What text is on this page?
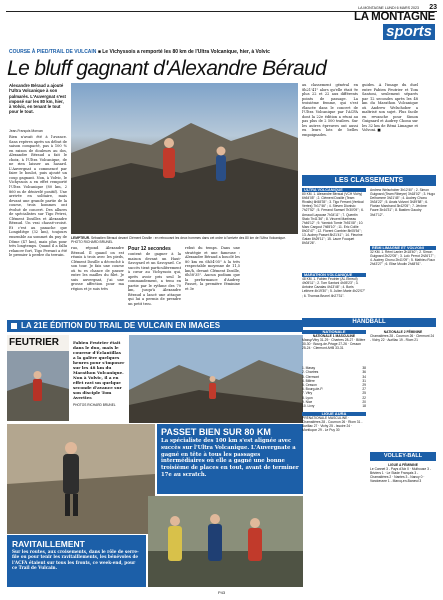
LA MONTAGNE LUNDI 6 MARS 2023 23
LA MONTAGNE
sports
COURSE À PIED/TRAIL DE VULCAIN ■ Le Vichyssois a remporté les 80 km de l'Ultra Volcanique, hier, à Volvic
Le bluff gagnant d'Alexandre Béraud
Alexandre Béraud a ajouté l'Ultra Volcanique à son palmarès. L'Auvergnat s'est imposé sur les 80 km, hier, à Volvic, en tenant le tout pour le tout.
Jean-François Morvan
Rien n'avait été à l'avance. Sans repères après un début de saison compacté, pas à 100 % en raison de douleurs au dos, Alexandre Béraud a fait le choix, à l'Ultra Volcanique, de ne rien laisser au hasard. L'Auvergnat a commencé par faire le boulot, puis ajouté un coup gagnant. Non, à Volvic, le Vichyssois a en effet remporté l'Ultra Volcanique (80 km, 2 860 m de dénivelé positif). Une arrivée en solitaire, mais devant une grande partie de la course, trois hommes ont évolué de concert. Des allures de spécialistes sur Tigo Petrei, Clément Dosilles et Alexandre Béraud. Un vrai chassé-croisé. Et c'est au panache que Longidiège (32 km), toujours ensemble au sommet du puy de Dôme (47 km), mais plus pour très longtemps. Quand il a fallu relancer fort, Tigo Ferrant a été le premier à perdre du terrain.
ruo, répond Alexandre Béraud. Il quand on est réunis à trois avec les pieds, Clément Dosille a décroché à son tour. Je fais une course où tu es chance de passer entre les mailles du filet. Je suis auvergnat, j'ai une grosse affection pour ma région et je suis très
Pour 12 secondes
content de gagner à la maison devant un Haut-Savoyard et un Savoyard. Ce succès tient particulièrement à cœur au Vichyssois qui, après avoir pris seul le commandement, a tenu en partie par le rythme des 70 km, jusqu'à Alexandre Béraud a lancé une attaque qui lui a permis de prendre un petit trou.
rebut du temps. Dans une stratégie et une fameuse : Alexandre Béraud a bouclé les 80 km en 6h54'05" à la très respectable moyenne de 11,5 km/h, devant Clément Dosille, 6h58'35". Aucun podium que la performance d'Audrey Passet, la première féminine et 3e
au classement général en 8h21'41" alors qu'elle était 9e plus 22 et 22 aux différents points de passage. La troisième femme, qui s'est élancée dans le concert de l'Ultra Volcanique par l'ACFA dont la 22e édition a réuni au pas plus de 2 500 trailers. Sur les autres épreuves ont aussi eu leurs lots de belles empoignades.
guides. À l'image du duel entre Fabien Feutrier et Tom Santoni, seulement séparés par 12 secondes après les 48 km du Marathon Volcanique où Andrew Welschober a maîtrisé son sujet. Plus facile en revanche pour Simon Guignard et Audrey Chonu sur les 32 km de Rémi Limagne et Volvoni. ■
LEMPTEUR. Sébastien Béraud devant Clément Dosille : en retrouvant les deux hommes dans cet ordre à l'arrivée des 80 km de l'Ultra Volcanique. PHOTO RICHARD BRUNEL
LA 21E ÉDITION DU TRAIL DE VULCAIN EN IMAGES
FEUTRIER	Fabien Feutrier était dans le duo, mais le coureur d'Éclantillas a la galère quelques heures pour s'imposer sur les 48 km du Marathon Volcanique. Non à Volvic, il a en effet ravi un quelque seconde d'avance sur son disciple Tom Avertier.
PHOTOS RICHARD BRUNEL
PASSET BIEN SUR 80 KM
La spécialiste des 100 km s'est alignée avec succès sur l'Ultra Volcanique. L'Auvergnate a gagné en tête à tous les passages intermédiaires où elle a gagné une bonne troisième de places en tout, avant de terminer 17e au scratch.
RAVITAILLEMENT
Sur les routes, aux croisements, dans le rôle de serre-file ou pour tenir les ravitaillements, les bénévoles de l'ACFA étaient sur tous les fronts, ce week-end, pour ce Trail de Vulcain.
LES CLASSEMENTS
ULTRA VOLCANIQUE
80 KM. 1. Alexandre Béraud (VCH Vichy) 6h54'05" ; 2. Clément Dosille (Team Rivalis) 6h58'35" ; 3. Tigo Ferrant (Vertical Vertes) 7h17'46" ; 4. Steven Dionisio 7h27'52" ; 5. Ferrand Samsel 7h30'09" ; 6. Arnaud Lapause 7h34'11" ; 7. Quentin Stalo 7h41'36" ; 8. Vincent Martineau 7h46'12" ; 9. Yannick Tomie 7h51'08" ; 10. Marc Cargout 7h55'10" ; 11. Eric Collie 8h02'47" ; 12. Florent Combier 8h05'54" ; 13. Audrey Passet 8h21'41" ; 14. Fleurine Gatan 8h29'11" ; 15. Laure Fouquet 8h34'26".
MARATHON VOLCANIQUE
48 KM. 1. Fabien Feutrier (AL Ebreuil) 4h05'11" ; 2. Tom Santoni 4h05'23" ; 3. Antoine Cazalas 4h13'46" ; 4. Boris Lelièvre 4h19'30" ; 5. Julien Marie 4h22'07" ; 6. Thomas Brunel 4h27'31".
Andrew Welschober 3h12'40" ; 2. Simon Guignard (Team Ribeyre) 3h18'02" ; 3. Hugo Delhomme 3h21'45" ; 4. Audrey Chonu 3h34'22" ; 5. Anais Volvoni 3h39'58" ; 6. Florian Marchand 3h42'05" ; 7. Jérôme Faure 3h44'31" ; 8. Bastien Gaudry 3h47'12".
RÉMI LIMAGNE ET VOLVONI
32 KM. 1. Rémi Lanier 2h18'40" ; 2. Simon Guignard 2h22'05" ; 3. Loïc Perrot 2h26'17" ; 4. Audrey Chonu 2h41'09" ; 5. Mathieu Roux 2h43'27" ; 6. Elise Moulin 2h48'51".
HANDBALL
NATIONALE
NATIONALE 1 MASCULINE
Massy/Vitry 31-29 · Chartres 28-27 · Billère 30-30 · Bourg-de-Péage 27-26 · Cesson 25-24 · Clermont AHB 33-31
1. Massy	38
2. Chartres	36
3. Clermont	34
4. Billère	31
5. Cesson	29
6. Bourg-de-P.	27
7. Vitry	25
8. Lyon	22
9. Nice	20
10. Livry	18
LIGUE AURA
PRÉNATIONALE MASCULINE · Chamalières 28 - Cournon 26 · Riom 31 - Aurillac 27 · Vichy 25 - Issoire 24 · Montluçon 29 - Le Puy 30
NATIONALE 2 FÉMININE
Chamalières 28 - Cournon 26 · Clermont 24 - Vichy 22 · Aurillac 19 - Riom 21
VOLLEY-BALL
LIGUE A FÉMININE
Le Cannet 3 - Pays d'Aix 0 · Mulhouse 3 - Béziers 1 · Le Stade Français 3 - Chamalières 2 · Nantes 3 - Nancy 0 · Vandœuvre 1 - Marcq-en-Barœul 3
P43
